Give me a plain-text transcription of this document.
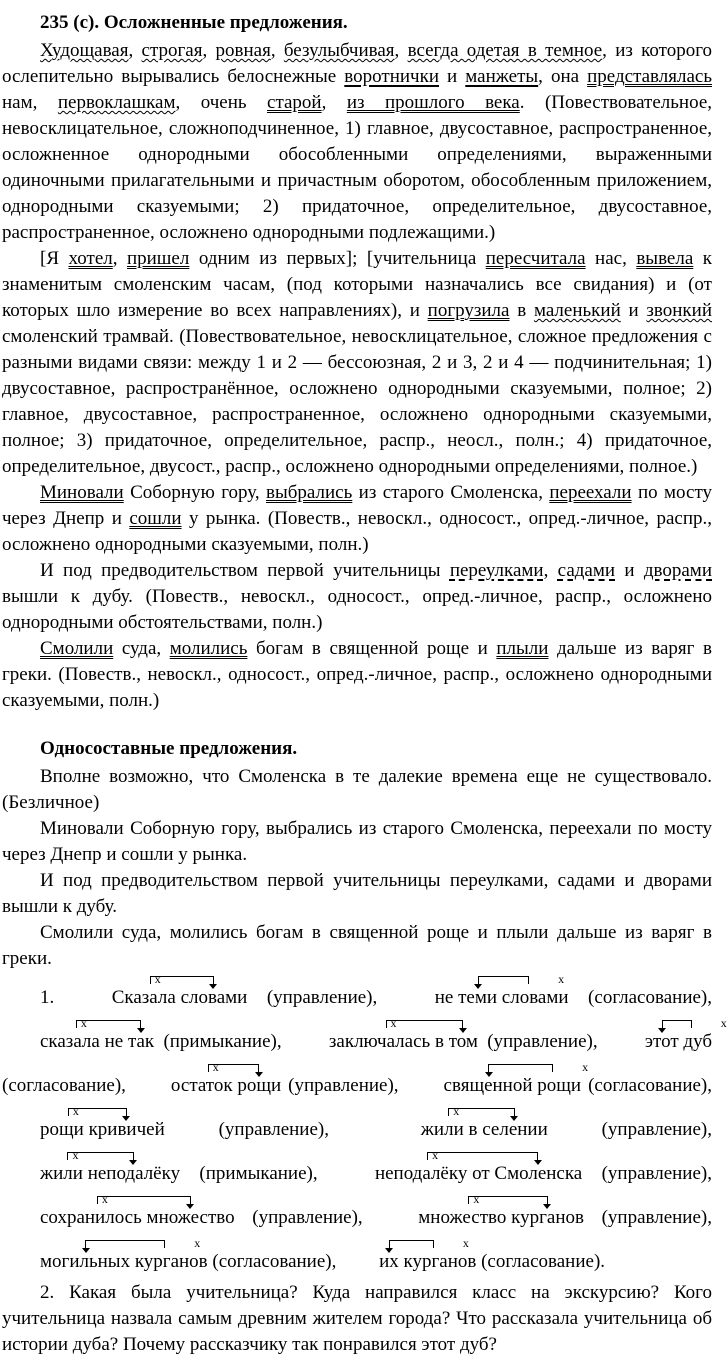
235 (с). Осложненные предложения.

Худощавая, строгая, ровная, безулыбчивая, всегда одетая в темное, из которого ослепительно вырывались белоснежные воротнички и манжеты, она представлялась нам, первоклашкам, очень старой, из прошлого века. (Повествовательное, невосклицательное, сложноподчиненное, 1) главное, двусоставное, распространенное, осложненное однородными обособленными определениями, выраженными одиночными прилагательными и причастным оборотом, обособленным приложением, однородными сказуемыми; 2) придаточное, определительное, двусоставное, распространенное, осложнено однородными подлежащими.)

[Я хотел, пришел одним из первых]; [учительница пересчитала нас, вывела к знаменитым смоленским часам, (под которыми назначались все свидания) и (от которых шло измерение во всех направлениях), и погрузила в маленький и звонкий смоленский трамвай. (Повествовательное, невосклицательное, сложное предложения с разными видами связи: между 1 и 2 — бессоюзная, 2 и 3, 2 и 4 — подчинительная; 1) двусоставное, распространённое, осложнено однородными сказуемыми, полное; 2) главное, двусоставное, распространенное, осложнено однородными сказуемыми, полное; 3) придаточное, определительное, распр., неосл., полн.; 4) придаточное, определительное, двусост., распр., осложнено однородными определениями, полное.)

Миновали Соборную гору, выбрались из старого Смоленска, переехали по мосту через Днепр и сошли у рынка. (Повеств., невоскл., односост., опред.-личное, распр., осложнено однородными сказуемыми, полн.)

И под предводительством первой учительницы переулками, садами и дворами вышли к дубу. (Повеств., невоскл., односост., опред.-личное, распр., осложнено однородными обстоятельствами, полн.)

Смолили суда, молились богам в священной роще и плыли дальше из варяг в греки. (Повеств., невоскл., односост., опред.-личное, распр., осложнено однородными сказуемыми, полн.)

Односоставные предложения.

Вполне возможно, что Смоленска в те далекие времена еще не существовало. (Безличное)

Миновали Соборную гору, выбрались из старого Смоленска, переехали по мосту через Днепр и сошли у рынка.

И под предводительством первой учительницы переулками, садами и дворами вышли к дубу.

Смолили суда, молились богам в священной роще и плыли дальше из варяг в греки.

1. Сказала словами
х
(управление), не теми словами
х
(согласование), сказала не так
х
(примыкание), заключалась в том
х
(управление), этот дуб
х
(согласование), остаток рощи
х
(управление), священной рощи
х
(согласование), рощи кривичей
х
(управление), жили в селении
х
(управление), жили неподалёку
х
(примыкание), неподалёку от Смоленска
х
(управление), сохранилось множество
х
(управление), множество курганов
х
(управление), могильных курганов
х
(согласование), их курганов
х
(согласование).

2. Какая была учительница? Куда направился класс на экскурсию? Кого учительница назвала самым древним жителем города? Что рассказала учительница об истории дуба? Почему рассказчику так понравился этот дуб?
